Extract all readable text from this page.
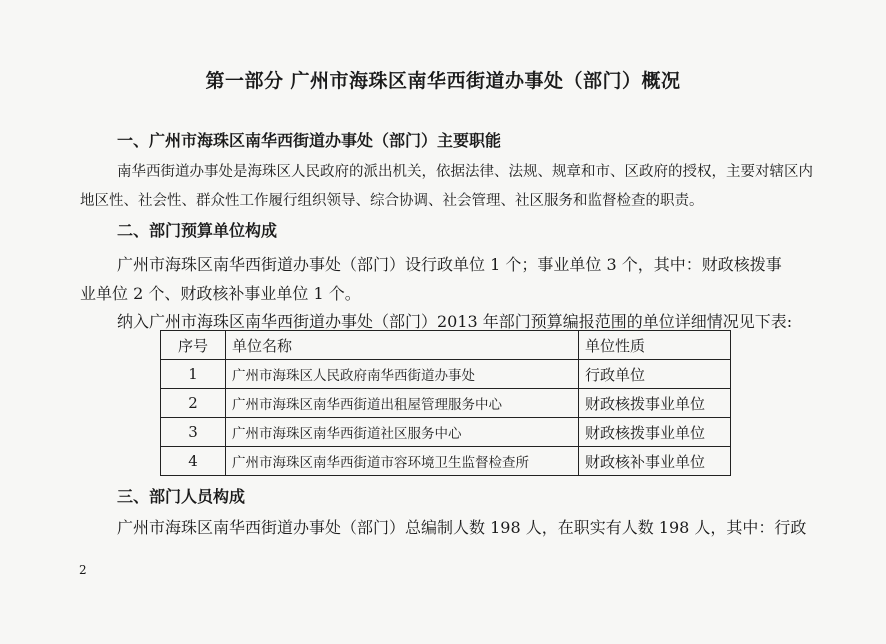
第一部分 广州市海珠区南华西街道办事处（部门）概况
一、广州市海珠区南华西街道办事处（部门）主要职能
南华西街道办事处是海珠区人民政府的派出机关，依据法律、法规、规章和市、区政府的授权，主要对辖区内
地区性、社会性、群众性工作履行组织领导、综合协调、社会管理、社区服务和监督检查的职责。
二、部门预算单位构成
广州市海珠区南华西街道办事处（部门）设行政单位 1 个；事业单位 3 个，其中：财政核拨事
业单位 2 个、财政核补事业单位 1 个。
纳入广州市海珠区南华西街道办事处（部门）2013 年部门预算编报范围的单位详细情况见下表:
序号	单位名称	单位性质
1	广州市海珠区人民政府南华西街道办事处	行政单位
2	广州市海珠区南华西街道出租屋管理服务中心	财政核拨事业单位
3	广州市海珠区南华西街道社区服务中心	财政核拨事业单位
4	广州市海珠区南华西街道市容环境卫生监督检查所	财政核补事业单位
三、部门人员构成
广州市海珠区南华西街道办事处（部门）总编制人数 198 人，在职实有人数 198 人，其中：行政
2
